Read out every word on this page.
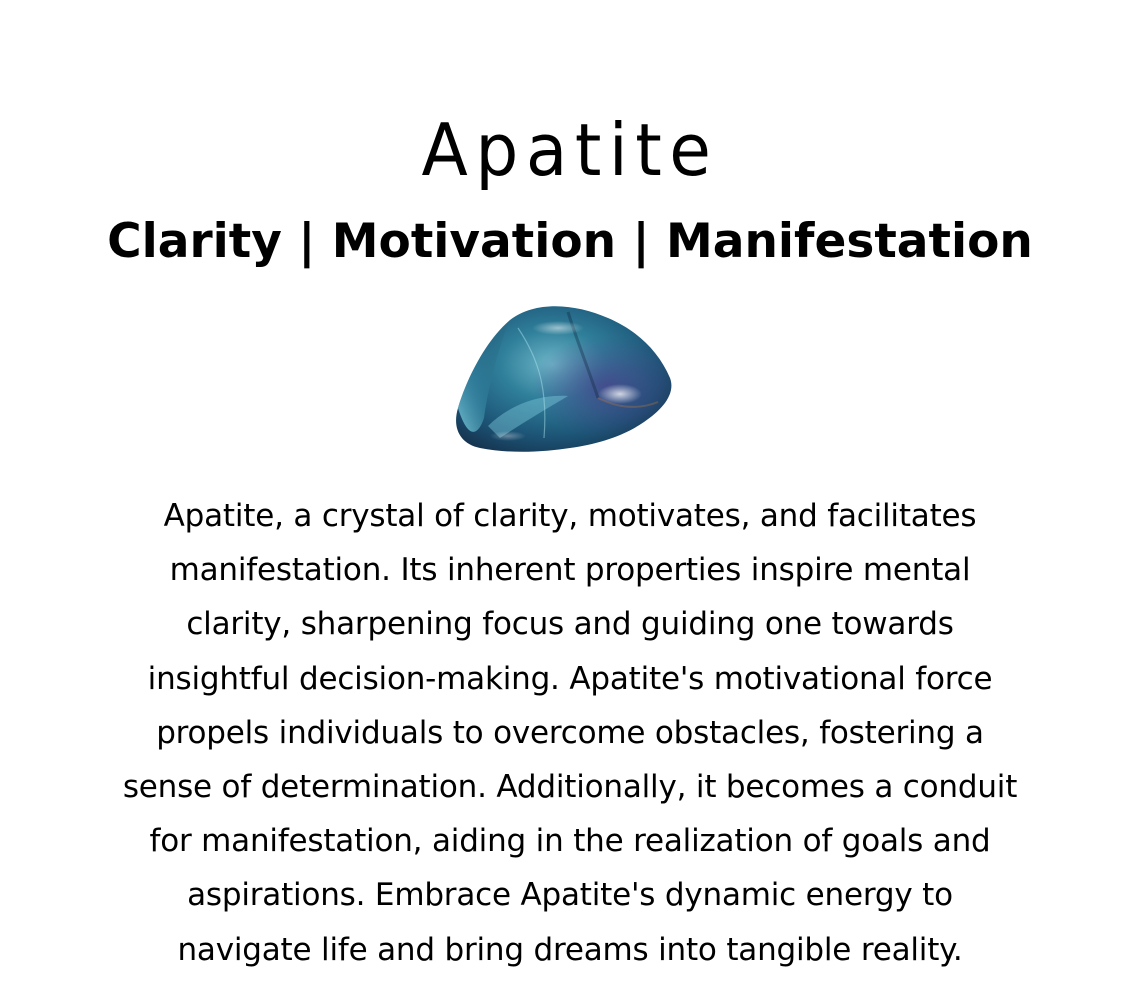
Apatite
Clarity | Motivation | Manifestation
Apatite, a crystal of clarity, motivates, and facilitates
manifestation. Its inherent properties inspire mental
clarity, sharpening focus and guiding one towards
insightful decision-making. Apatite's motivational force
propels individuals to overcome obstacles, fostering a
sense of determination. Additionally, it becomes a conduit
for manifestation, aiding in the realization of goals and
aspirations. Embrace Apatite's dynamic energy to
navigate life and bring dreams into tangible reality.
